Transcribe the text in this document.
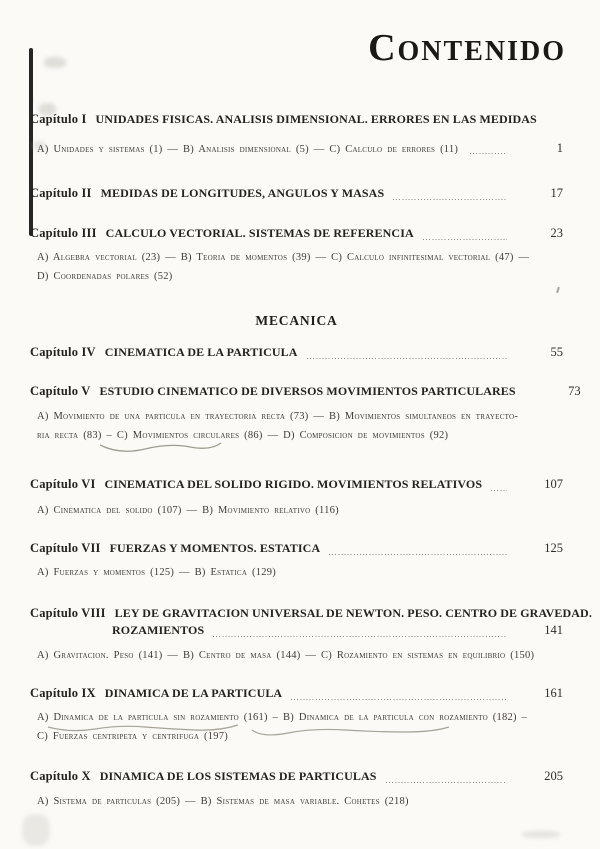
CONTENIDO
Capítulo I UNIDADES FISICAS. ANALISIS DIMENSIONAL. ERRORES EN LAS MEDIDAS
A) Unidades y sistemas (1) — B) Analisis dimensional (5) — C) Calculo de errores (11)	1
Capítulo II MEDIDAS DE LONGITUDES, ANGULOS Y MASAS	17
Capítulo III CALCULO VECTORIAL. SISTEMAS DE REFERENCIA	23
A) Algebra vectorial (23) — B) Teoria de momentos (39) — C) Calculo infinitesimal vectorial (47) —
D) Coordenadas polares (52)
MECANICA
Capítulo IV CINEMATICA DE LA PARTICULA	55
Capítulo V ESTUDIO CINEMATICO DE DIVERSOS MOVIMIENTOS PARTICULARES	73
A) Movimiento de una particula en trayectoria recta (73) — B) Movimientos simultaneos en trayecto-
ria recta (83) – C) Movimientos circulares (86) — D) Composicion de movimientos (92)
Capítulo VI CINEMATICA DEL SOLIDO RIGIDO. MOVIMIENTOS RELATIVOS	107
A) Cinematica del solido (107) — B) Movimiento relativo (116)
Capítulo VII FUERZAS Y MOMENTOS. ESTATICA	125
A) Fuerzas y momentos (125) — B) Estatica (129)
Capítulo VIII LEY DE GRAVITACION UNIVERSAL DE NEWTON. PESO. CENTRO DE GRAVEDAD.
ROZAMIENTOS	141
A) Gravitacion. Peso (141) — B) Centro de masa (144) — C) Rozamiento en sistemas en equilibrio (150)
Capítulo IX DINAMICA DE LA PARTICULA	161
A) Dinamica de la particula sin rozamiento (161) – B) Dinamica de la particula con rozamiento (182) –
C) Fuerzas centripeta y centrifuga (197)
Capítulo X DINAMICA DE LOS SISTEMAS DE PARTICULAS	205
A) Sistema de particulas (205) — B) Sistemas de masa variable. Cohetes (218)
